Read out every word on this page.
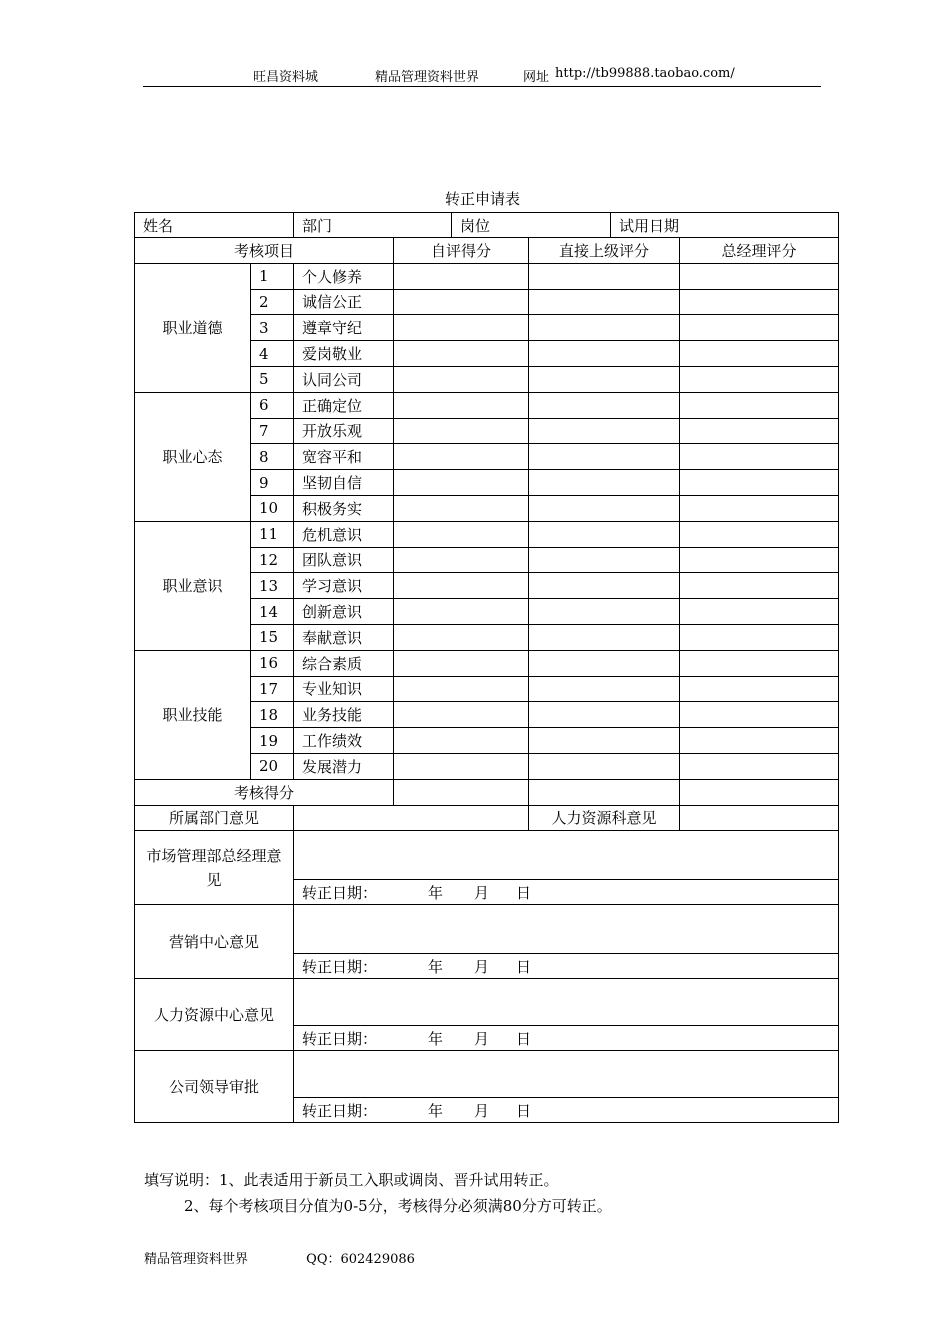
旺昌资料城	精品管理资料世界	网址 http://tb99888.taobao.com/
转正申请表
姓名	部门	岗位	试用日期
考核项目			自评得分	直接上级评分	总经理评分
职业道德	1	个人修养			
	2	诚信公正			
	3	遵章守纪			
	4	爱岗敬业			
	5	认同公司			
职业心态	6	正确定位			
	7	开放乐观			
	8	宽容平和			
	9	坚韧自信			
	10	积极务实			
职业意识	11	危机意识			
	12	团队意识			
	13	学习意识			
	14	创新意识			
	15	奉献意识			
职业技能	16	综合素质			
	17	专业知识			
	18	业务技能			
	19	工作绩效			
	20	发展潜力			
考核得分					
所属部门意见				人力资源科意见	
市场管理部总经理意见					
		转正日期： 年 月 日			
营销中心意见					
		转正日期： 年 月 日			
人力资源中心意见					
		转正日期： 年 月 日			
公司领导审批					
		转正日期： 年 月 日			
填写说明：1、此表适用于新员工入职或调岗、晋升试用转正。
2、每个考核项目分值为0-5分，考核得分必须满80分方可转正。
精品管理资料世界	QQ：602429086
